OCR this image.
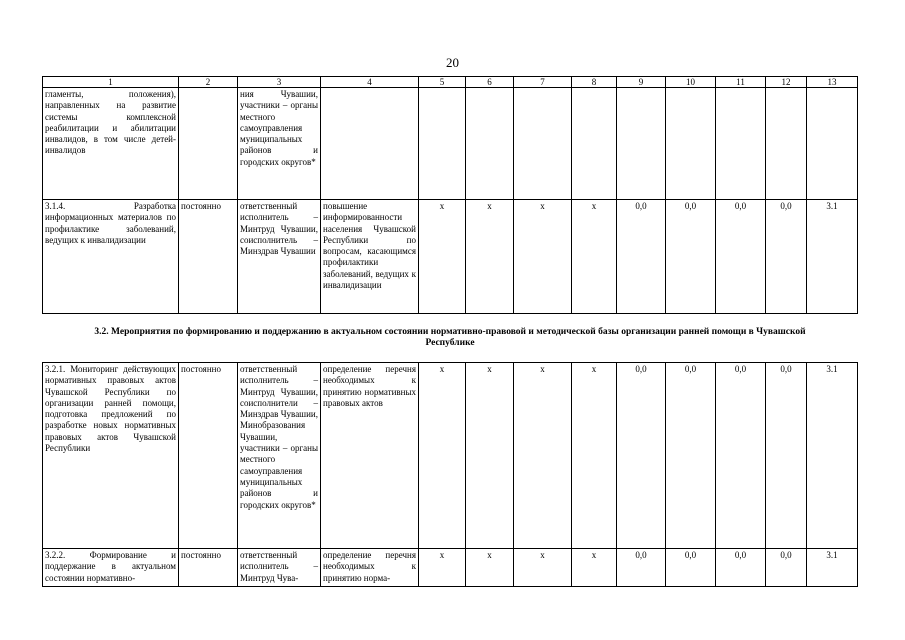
20
1	2	3	4	5	6	7	8	9	10	11	12	13
гламенты, положения), направленных на развитие системы комплексной реабилитации и абилитации инвалидов, в том числе детей-инвалидов		ния Чувашии, участники – органы местного самоуправления муниципальных районов и городских округов*										
3.1.4. Разработка информационных материалов по профилактике заболеваний, ведущих к инвалидизации	постоянно	ответственный исполнитель – Минтруд Чувашии, соисполнитель – Минздрав Чувашии	повышение информированности населения Чувашской Республики по вопросам, касающимся профилактики заболеваний, ведущих к инвалидизации	x	x	x	x	0,0	0,0	0,0	0,0	3.1

3.2. Мероприятия по формированию и поддержанию в актуальном состоянии нормативно-правовой и методической базы организации ранней помощи в Чувашской Республике												

3.2.1. Мониторинг действующих нормативных правовых актов Чувашской Республики по организации ранней помощи, подготовка предложений по разработке новых нормативных правовых актов Чувашской Республики	постоянно	ответственный исполнитель – Минтруд Чувашии, соисполнители – Минздрав Чувашии, Минобразования Чувашии, участники – органы местного самоуправления муниципальных районов и городских округов*	определение перечня необходимых к принятию нормативных правовых актов	x	x	x	x	0,0	0,0	0,0	0,0	3.1
3.2.2. Формирование и поддержание в актуальном состоянии нормативно-	постоянно	ответственный исполнитель – Минтруд Чува-	определение перечня необходимых к принятию норма-	x	x	x	x	0,0	0,0	0,0	0,0	3.1
